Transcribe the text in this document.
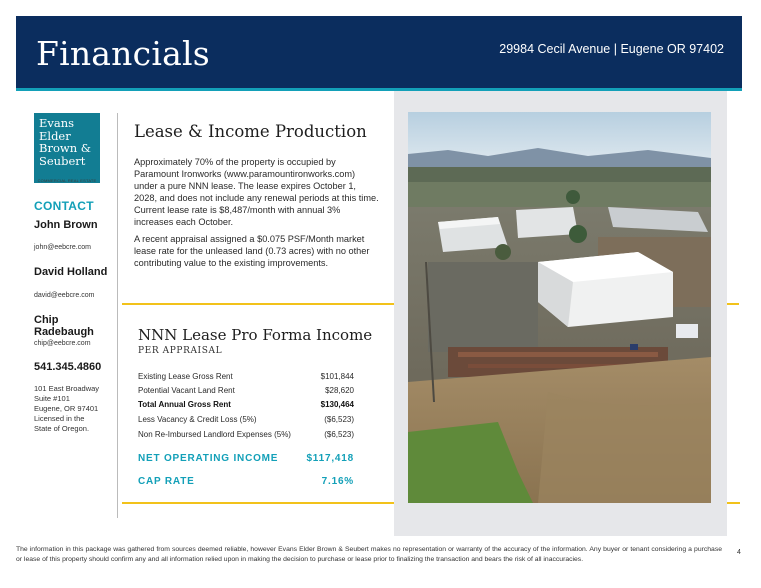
Financials	29984 Cecil Avenue | Eugene OR 97402
Evans
Elder
Brown &
Seubert
COMMERCIAL REAL ESTATE
CONTACT
John Brown
john@eebcre.com
David Holland
david@eebcre.com
Chip Radebaugh
chip@eebcre.com
541.345.4860
101 East Broadway
Suite #101
Eugene, OR 97401
Licensed in the
State of Oregon.
Lease & Income Production
Approximately 70% of the property is occupied by Paramount Ironworks (www.paramountironworks.com) under a pure NNN lease. The lease expires October 1, 2028, and does not include any renewal periods at this time. Current lease rate is $8,487/month with annual 3% increases each October.
A recent appraisal assigned a $0.075 PSF/Month market lease rate for the unleased land (0.73 acres) with no other contributing value to the existing improvements.
NNN Lease Pro Forma Income
PER APPRAISAL
Existing Lease Gross Rent	$101,844
Potential Vacant Land Rent	$28,620
Total Annual Gross Rent	$130,464
Less Vacancy & Credit Loss (5%)	($6,523)
Non Re-Imbursed Landlord Expenses (5%)	($6,523)
NET OPERATING INCOME	$117,418
CAP RATE	7.16%
The information in this package was gathered from sources deemed reliable, however Evans Elder Brown & Seubert makes no representation or warranty of the accuracy of the information. Any buyer or tenant considering a purchase or lease of this property should confirm any and all information relied upon in making the decision to purchase or lease prior to finalizing the transaction and bears the risk of all inaccuracies.
4
